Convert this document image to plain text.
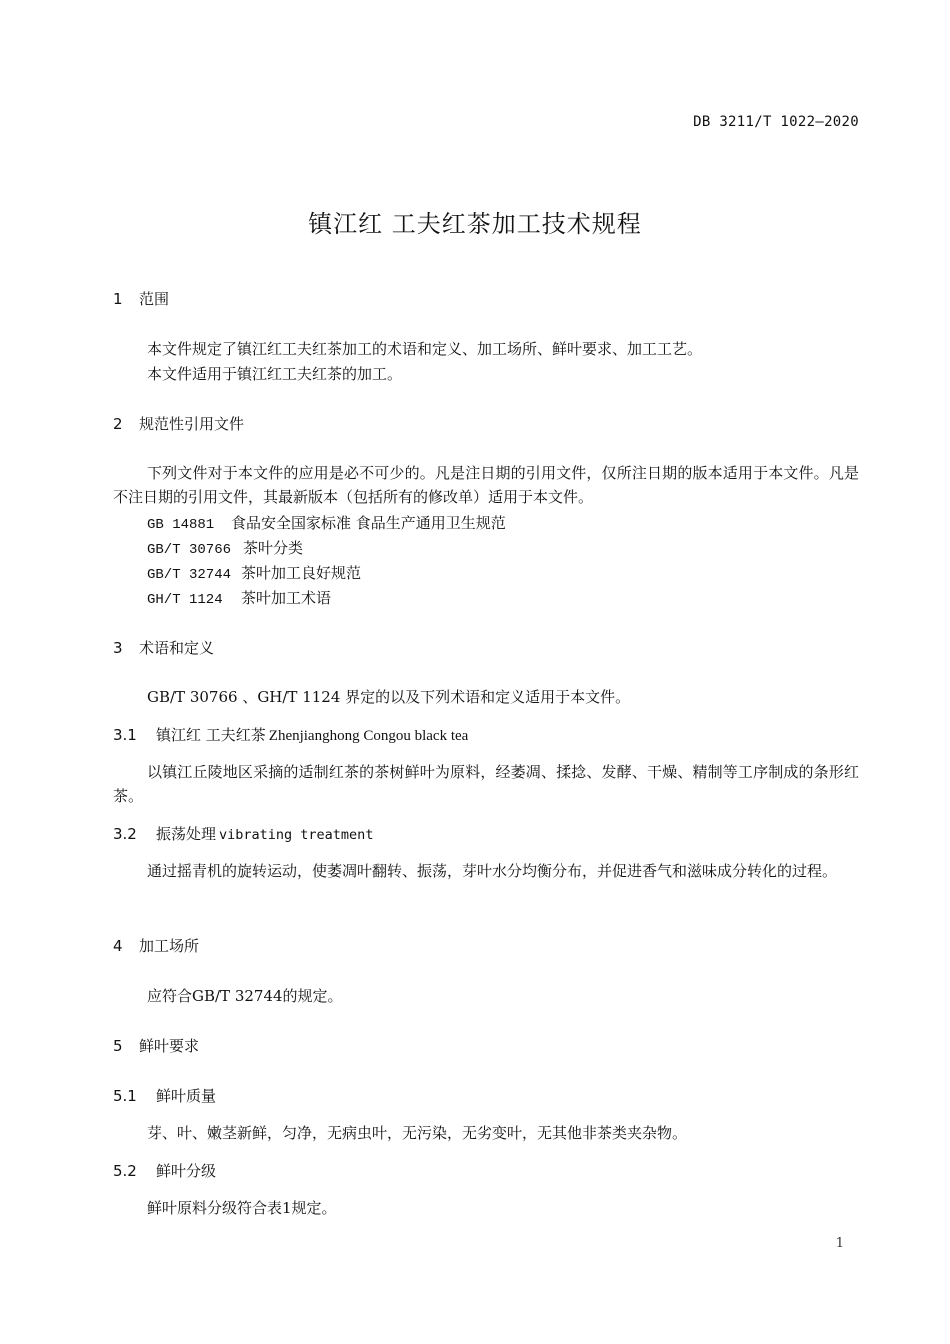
DB 3211/T 1022—2020
镇江红 工夫红茶加工技术规程
1 范围
本文件规定了镇江红工夫红茶加工的术语和定义、加工场所、鲜叶要求、加工工艺。
本文件适用于镇江红工夫红茶的加工。
2 规范性引用文件
下列文件对于本文件的应用是必不可少的。凡是注日期的引用文件，仅所注日期的版本适用于本文件。凡是不注日期的引用文件，其最新版本（包括所有的修改单）适用于本文件。
GB 14881 食品安全国家标准 食品生产通用卫生规范
GB/T 30766 茶叶分类
GB/T 32744 茶叶加工良好规范
GH/T 1124 茶叶加工术语
3 术语和定义
GB/T 30766 、GH/T 1124 界定的以及下列术语和定义适用于本文件。
3.1 镇江红 工夫红茶 Zhenjianghong Congou black tea
以镇江丘陵地区采摘的适制红茶的茶树鲜叶为原料，经萎凋、揉捻、发酵、干燥、精制等工序制成的条形红茶。
3.2 振荡处理 vibrating treatment
通过摇青机的旋转运动，使萎凋叶翻转、振荡，芽叶水分均衡分布，并促进香气和滋味成分转化的过程。
4 加工场所
应符合GB/T 32744的规定。
5 鲜叶要求
5.1 鲜叶质量
芽、叶、嫩茎新鲜，匀净，无病虫叶，无污染，无劣变叶，无其他非茶类夹杂物。
5.2 鲜叶分级
鲜叶原料分级符合表1规定。
1
